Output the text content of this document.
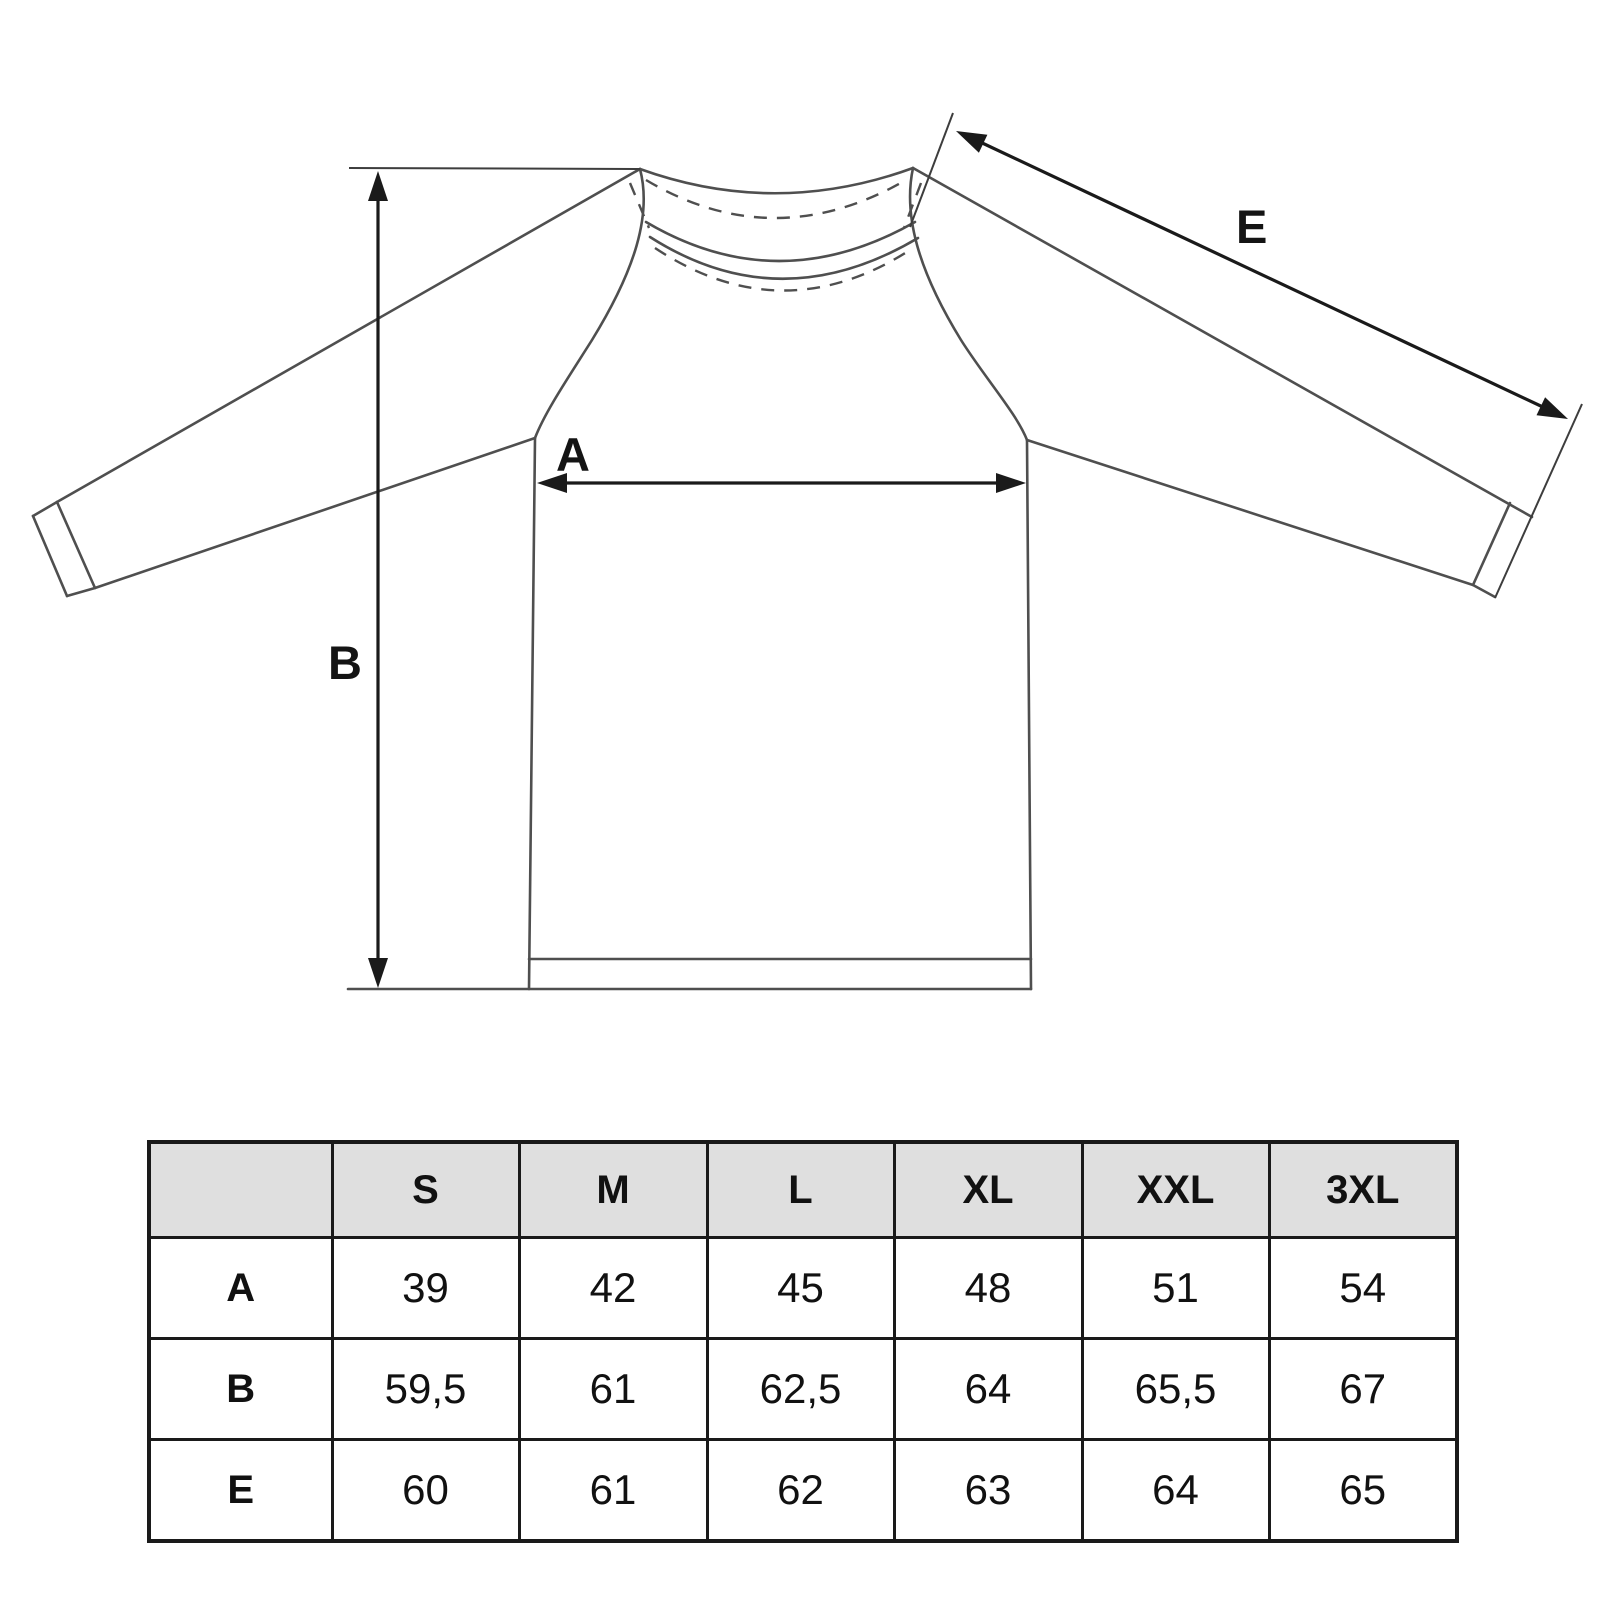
A
B
E
	S	M	L	XL	XXL	3XL
A	39	42	45	48	51	54
B	59,5	61	62,5	64	65,5	67
E	60	61	62	63	64	65
